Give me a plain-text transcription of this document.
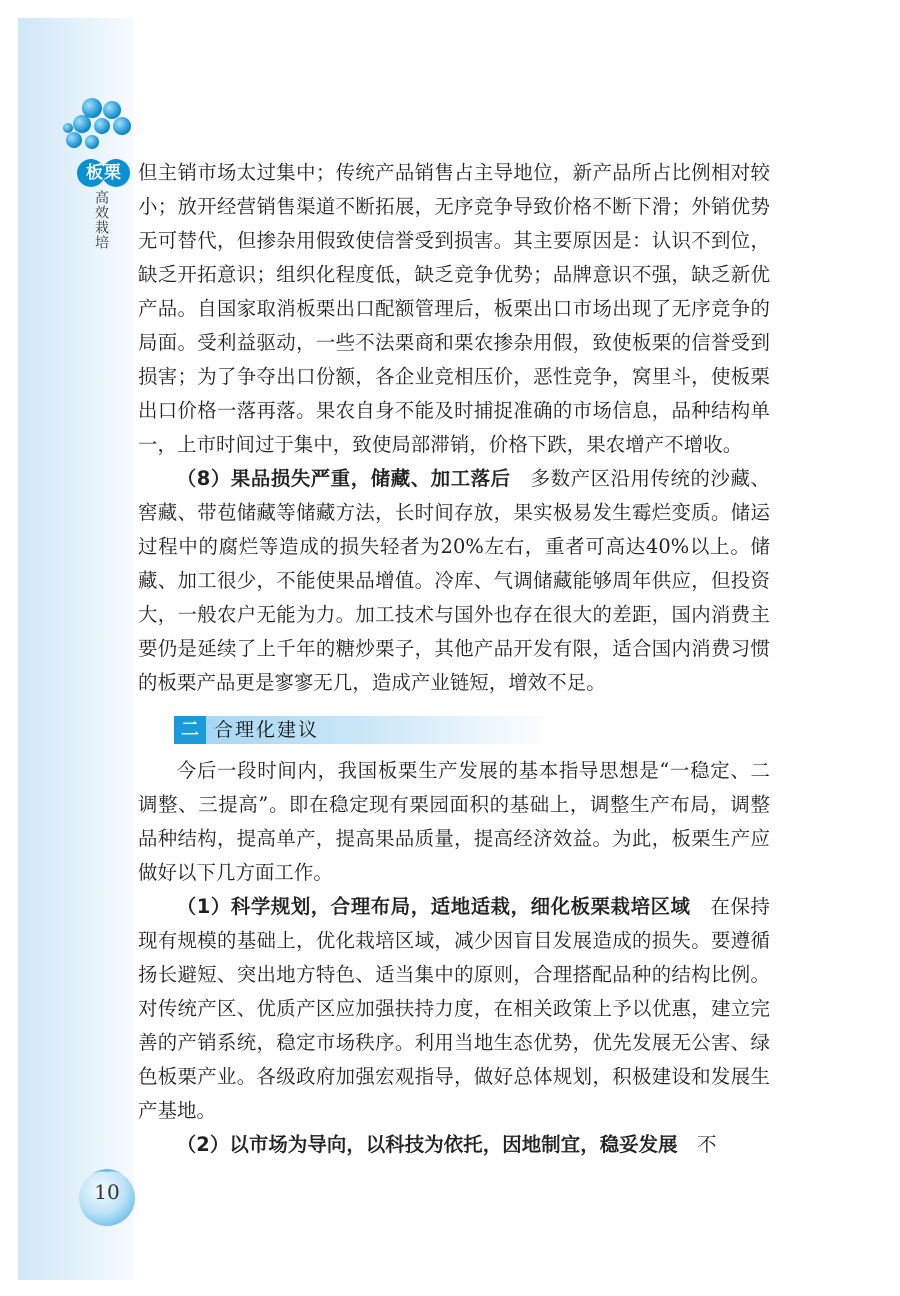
板栗
高效栽培
10

但主销市场太过集中；传统产品销售占主导地位，新产品所占比例相对较小；放开经营销售渠道不断拓展，无序竞争导致价格不断下滑；外销优势无可替代，但掺杂用假致使信誉受到损害。其主要原因是：认识不到位，缺乏开拓意识；组织化程度低，缺乏竞争优势；品牌意识不强，缺乏新优产品。自国家取消板栗出口配额管理后，板栗出口市场出现了无序竞争的局面。受利益驱动，一些不法栗商和栗农掺杂用假，致使板栗的信誉受到损害；为了争夺出口份额，各企业竞相压价，恶性竞争，窝里斗，使板栗出口价格一落再落。果农自身不能及时捕捉准确的市场信息，品种结构单一，上市时间过于集中，致使局部滞销，价格下跌，果农增产不增收。

（8）果品损失严重，储藏、加工落后　多数产区沿用传统的沙藏、窖藏、带苞储藏等储藏方法，长时间存放，果实极易发生霉烂变质。储运过程中的腐烂等造成的损失轻者为20%左右，重者可高达40%以上。储藏、加工很少，不能使果品增值。冷库、气调储藏能够周年供应，但投资大，一般农户无能为力。加工技术与国外也存在很大的差距，国内消费主要仍是延续了上千年的糖炒栗子，其他产品开发有限，适合国内消费习惯的板栗产品更是寥寥无几，造成产业链短，增效不足。

二 合理化建议

今后一段时间内，我国板栗生产发展的基本指导思想是“一稳定、二调整、三提高”。即在稳定现有栗园面积的基础上，调整生产布局，调整品种结构，提高单产，提高果品质量，提高经济效益。为此，板栗生产应做好以下几方面工作。

（1）科学规划，合理布局，适地适栽，细化板栗栽培区域　在保持现有规模的基础上，优化栽培区域，减少因盲目发展造成的损失。要遵循扬长避短、突出地方特色、适当集中的原则，合理搭配品种的结构比例。对传统产区、优质产区应加强扶持力度，在相关政策上予以优惠，建立完善的产销系统，稳定市场秩序。利用当地生态优势，优先发展无公害、绿色板栗产业。各级政府加强宏观指导，做好总体规划，积极建设和发展生产基地。

（2）以市场为导向，以科技为依托，因地制宜，稳妥发展　不
